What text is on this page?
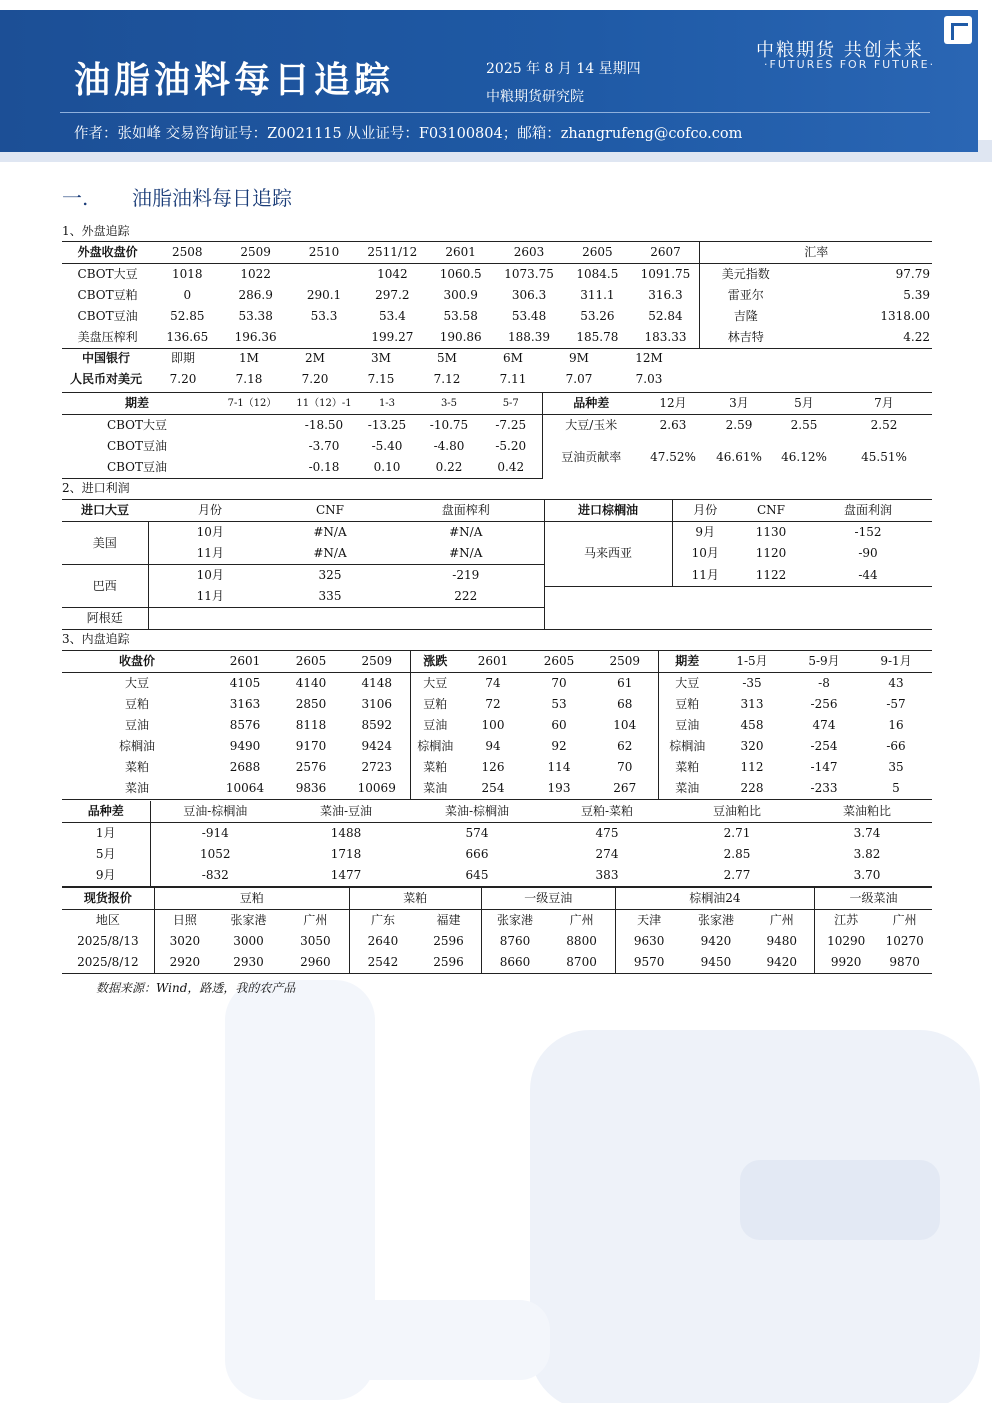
油脂油料每日追踪	2025 年 8 月 14 星期四
中粮期货研究院
中粮期货 共创未来
·FUTURES FOR FUTURE·
作者：张如峰 交易咨询证号：Z0021115 从业证号：F03100804；邮箱：zhangrufeng@cofco.com
一. 油脂油料每日追踪
1、外盘追踪
外盘收盘价	2508	2509	2510	2511/12	2601	2603	2605	2607	汇率	
CBOT大豆	1018	1022		1042	1060.5	1073.75	1084.5	1091.75	美元指数	97.79
CBOT豆粕	0	286.9	290.1	297.2	300.9	306.3	311.1	316.3	雷亚尔	5.39
CBOT豆油	52.85	53.38	53.3	53.4	53.58	53.48	53.26	52.84	吉隆	1318.00
美盘压榨利	136.65	196.36		199.27	190.86	188.39	185.78	183.33	林吉特	4.22
中国银行	即期	1M	2M	3M	5M	6M	9M	12M
人民币对美元	7.20	7.18	7.20	7.15	7.12	7.11	7.07	7.03
期差	7-1（12）	11（12）-1	1-3	3-5	5-7	品种差	12月	3月	5月	7月
CBOT大豆		-18.50	-13.25	-10.75	-7.25	大豆/玉米	2.63	2.59	2.55	2.52
CBOT豆油		-3.70	-5.40	-4.80	-5.20	豆油贡献率	47.52%	46.61%	46.12%	45.51%
CBOT豆油		-0.18	0.10	0.22	0.42					
2、进口利润
进口大豆	月份	CNF	盘面榨利	进口棕榈油	月份	CNF	盘面利润
美国	10月	#N/A	#N/A	马来西亚	9月	1130	-152
	11月	#N/A	#N/A		10月	1120	-90
巴西	10月	325	-219		11月	1122	-44
	11月	335	222				
阿根廷							
3、内盘追踪
收盘价	2601	2605	2509	涨跌	2601	2605	2509	期差	1-5月	5-9月	9-1月
大豆	4105	4140	4148	大豆	74	70	61	大豆	-35	-8	43
豆粕	3163	2850	3106	豆粕	72	53	68	豆粕	313	-256	-57
豆油	8576	8118	8592	豆油	100	60	104	豆油	458	474	16
棕榈油	9490	9170	9424	棕榈油	94	92	62	棕榈油	320	-254	-66
菜粕	2688	2576	2723	菜粕	126	114	70	菜粕	112	-147	35
菜油	10064	9836	10069	菜油	254	193	267	菜油	228	-233	5
品种差	豆油-棕榈油	菜油-豆油	菜油-棕榈油	豆粕-菜粕	豆油粕比	菜油粕比
1月	-914	1488	574	475	2.71	3.74
5月	1052	1718	666	274	2.85	3.82
9月	-832	1477	645	383	2.77	3.70
现货报价	豆粕			菜粕		一级豆油		棕榈油24			一级菜油	
地区	日照	张家港	广州	广东	福建	张家港	广州	天津	张家港	广州	江苏	广州
2025/8/13	3020	3000	3050	2640	2596	8760	8800	9630	9420	9480	10290	10270
2025/8/12	2920	2930	2960	2542	2596	8660	8700	9570	9450	9420	9920	9870
数据来源：Wind，路透，我的农产品
